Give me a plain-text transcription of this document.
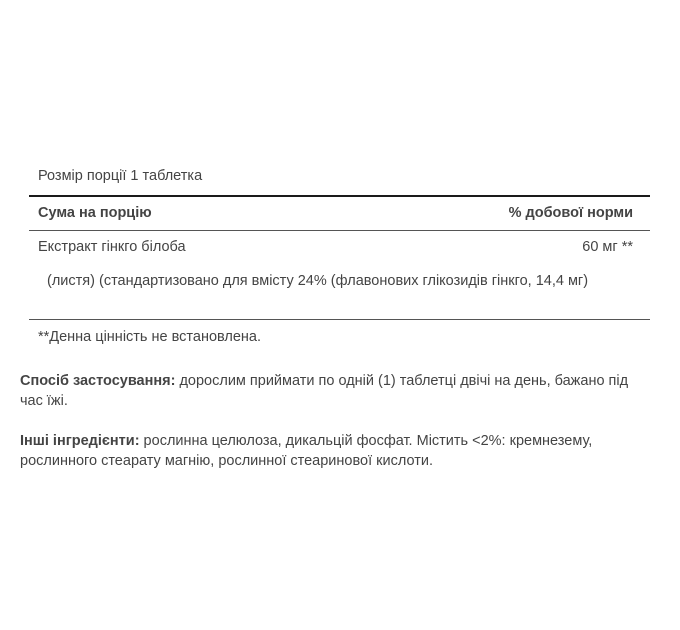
Розмір порції 1 таблетка
Сума на порцію	% добової норми
Екстракт гінкго білоба	60 мг **
(листя) (стандартизовано для вмісту 24% (флавонових глікозидів гінкго, 14,4 мг)
**Денна цінність не встановлена.
Спосіб застосування: дорослим приймати по одній (1) таблетці двічі на день, бажано під час їжі.
Інші інгредієнти: рослинна целюлоза, дикальцій фосфат. Містить <2%: кремнезему, рослинного стеарату магнію, рослинної стеаринової кислоти.
